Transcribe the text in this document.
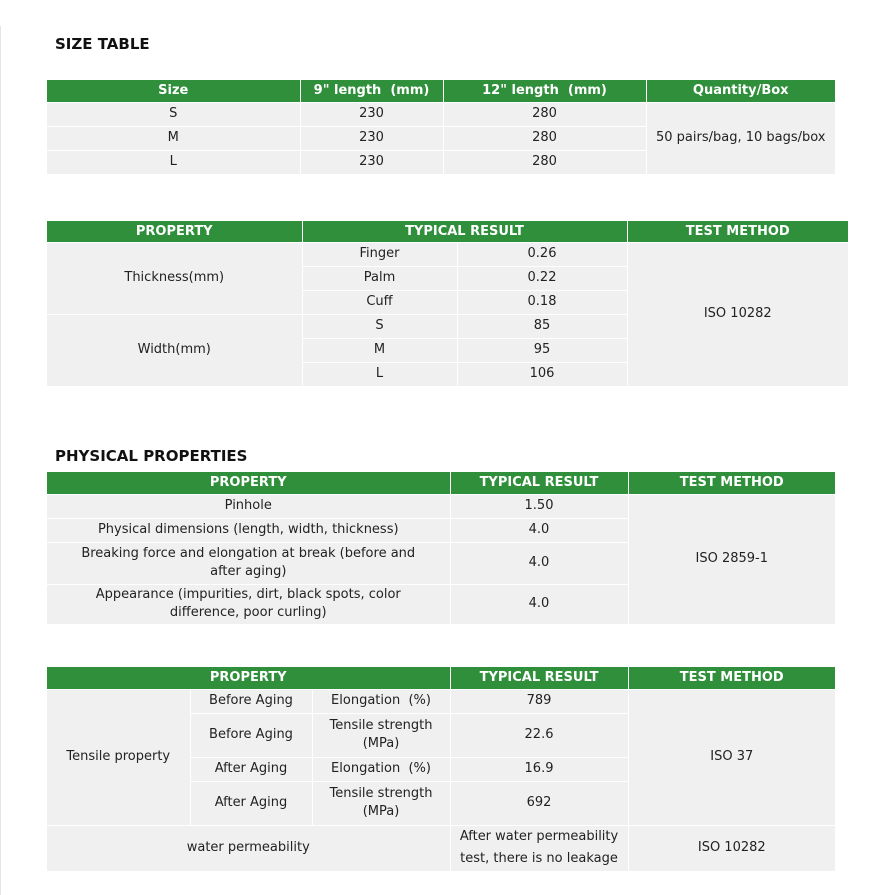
SIZE TABLE
Size	9" length  (mm)	12" length  (mm)	Quantity/Box
S	230	280	50 pairs/bag, 10 bags/box
M	230	280	
L	230	280	
PROPERTY	TYPICAL RESULT		TEST METHOD
Thickness(mm)	Finger	0.26	ISO 10282
	Palm	0.22	
	Cuff	0.18	
Width(mm)	S	85	
	M	95	
	L	106	
PHYSICAL PROPERTIES
PROPERTY	TYPICAL RESULT	TEST METHOD
Pinhole	1.50	ISO 2859-1
Physical dimensions (length, width, thickness)	4.0	
Breaking force and elongation at break (before and after aging)	4.0	
Appearance (impurities, dirt, black spots, color difference, poor curling)	4.0	
PROPERTY			TYPICAL RESULT	TEST METHOD
Tensile property	Before Aging	Elongation  (%)	789	ISO 37
	Before Aging	Tensile strength (MPa)	22.6	
	After Aging	Elongation  (%)	16.9	
	After Aging	Tensile strength (MPa)	692	
water permeability			After water permeability test, there is no leakage	ISO 10282
